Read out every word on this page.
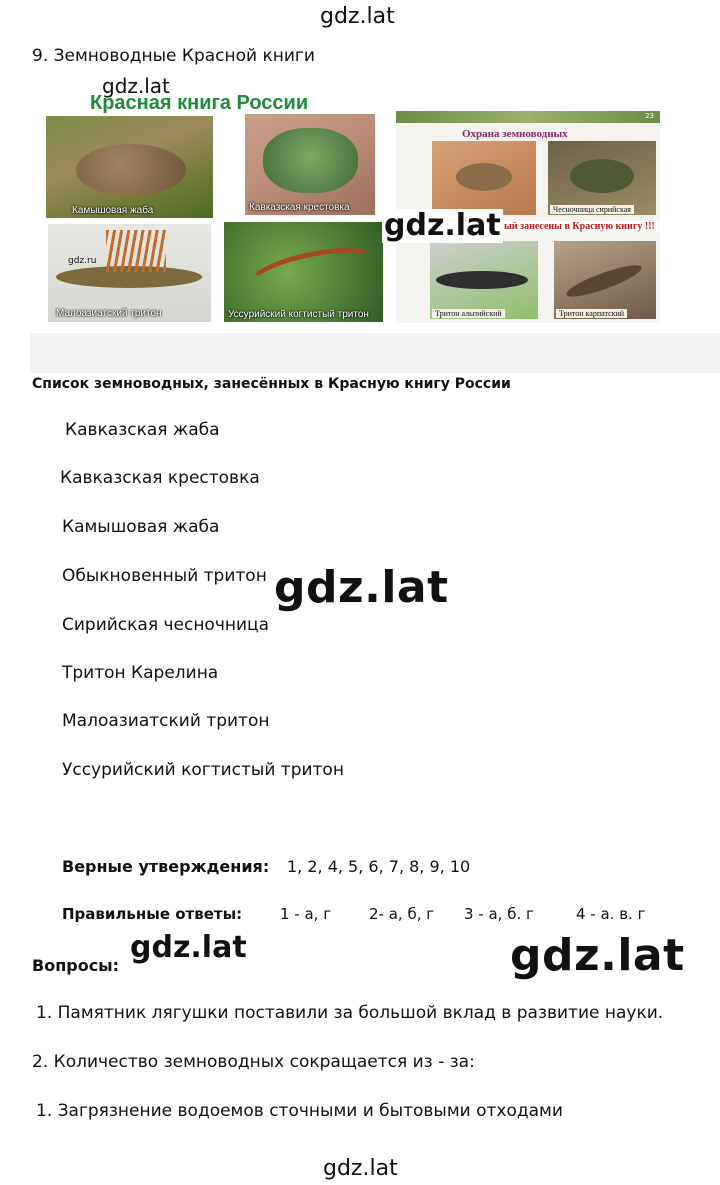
gdz.lat
9. Земноводные Красной книги
Красная книга России
gdz.lat
Камышовая жаба	Кавказская крестовка
gdz.ru
Малоазиатский тритон	Уссурийский когтистый тритон
23
Охрана земноводных
Чесночница сирийская
ый занесены в Красную книгу !!!
Тритон альпийский	Тритон карпатский
gdz.lat
Список земноводных, занесённых в Красную книгу России
Кавказская жаба
Кавказская крестовка
Камышовая жаба
Обыкновенный тритон
Сирийская чесночница
Тритон Карелина
Малоазиатский тритон
Уссурийский когтистый тритон
gdz.lat
Верные утверждения: 1, 2, 4, 5, 6, 7, 8, 9, 10
Правильные ответы:	1 - а, г	2- а, б, г 3 - а, б. г	4 - а. в. г
Вопросы:
gdz.lat	gdz.lat
1. Памятник лягушки поставили за большой вклад в развитие науки.
2. Количество земноводных сокращается из - за:
1. Загрязнение водоемов сточными и бытовыми отходами
gdz.lat
